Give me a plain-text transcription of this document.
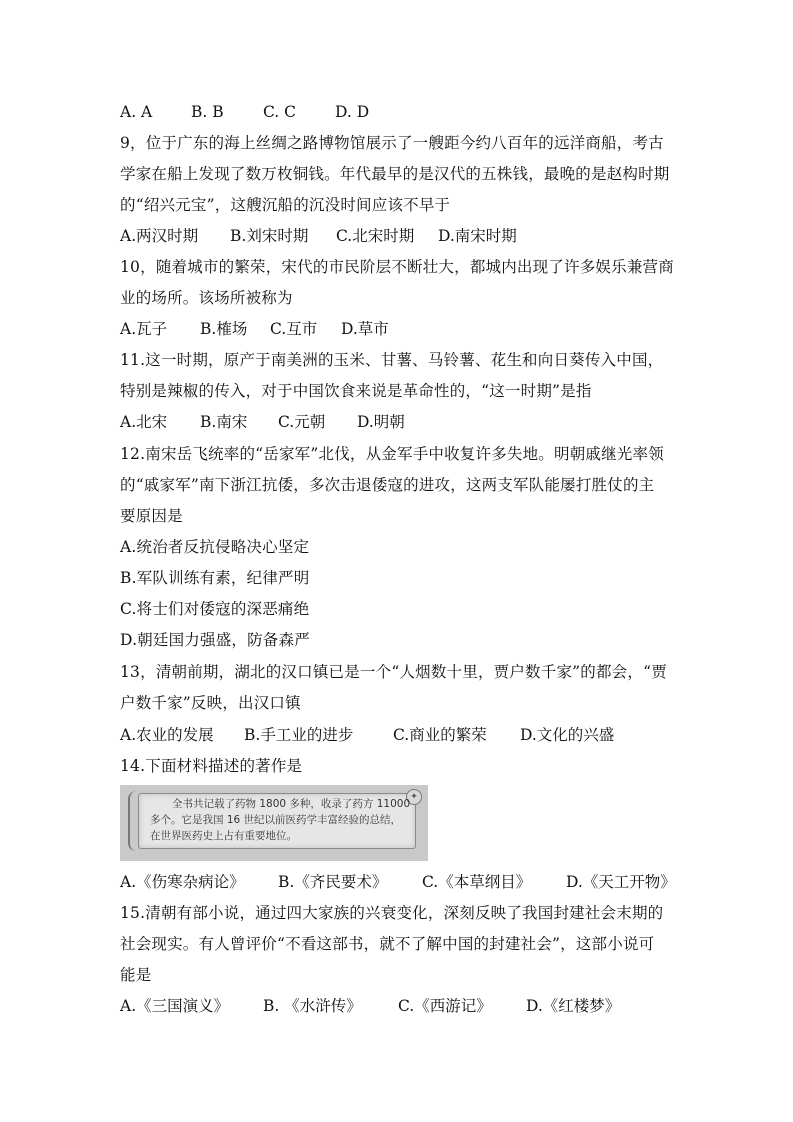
A. A	B. B	C. C	D. D
9，位于广东的海上丝绸之路博物馆展示了一艘距今约八百年的远洋商船，考古
学家在船上发现了数万枚铜钱。年代最早的是汉代的五株钱，最晚的是赵构时期
的“绍兴元宝”，这艘沉船的沉没时间应该不早于
A.两汉时期 B.刘宋时期 C.北宋时期 D.南宋时期
10，随着城市的繁荣，宋代的市民阶层不断壮大，都城内出现了许多娱乐兼营商
业的场所。该场所被称为
A.瓦子 B.榷场 C.互市 D.草市
11.这一时期，原产于南美洲的玉米、甘薯、马铃薯、花生和向日葵传入中国，
特别是辣椒的传入，对于中国饮食来说是革命性的，“这一时期”是指
A.北宋 B.南宋 C.元朝 D.明朝
12.南宋岳飞统率的“岳家军”北伐，从金军手中收复许多失地。明朝戚继光率领
的“戚家军”南下浙江抗倭，多次击退倭寇的进攻，这两支军队能屡打胜仗的主
要原因是
A.统治者反抗侵略决心坚定
B.军队训练有素，纪律严明
C.将士们对倭寇的深恶痛绝
D.朝廷国力强盛，防备森严
13，清朝前期，湖北的汉口镇已是一个“人烟数十里，贾户数千家”的都会，“贾
户数千家”反映，出汉口镇
A.农业的发展 B.手工业的进步	C.商业的繁荣 D.文化的兴盛
14.下面材料描述的著作是
✦
全书共记载了药物 1800 多种，收录了药方 11000
多个。它是我国 16 世纪以前医药学丰富经验的总结，
在世界医药史上占有重要地位。
A.《伤寒杂病论》 B.《齐民要术》 C.《本草纲目》 D.《天工开物》
15.清朝有部小说，通过四大家族的兴衰变化，深刻反映了我国封建社会末期的
社会现实。有人曾评价“不看这部书，就不了解中国的封建社会”，这部小说可
能是
A.《三国演义》 B. 《水浒传》 C.《西游记》 D.《红楼梦》
